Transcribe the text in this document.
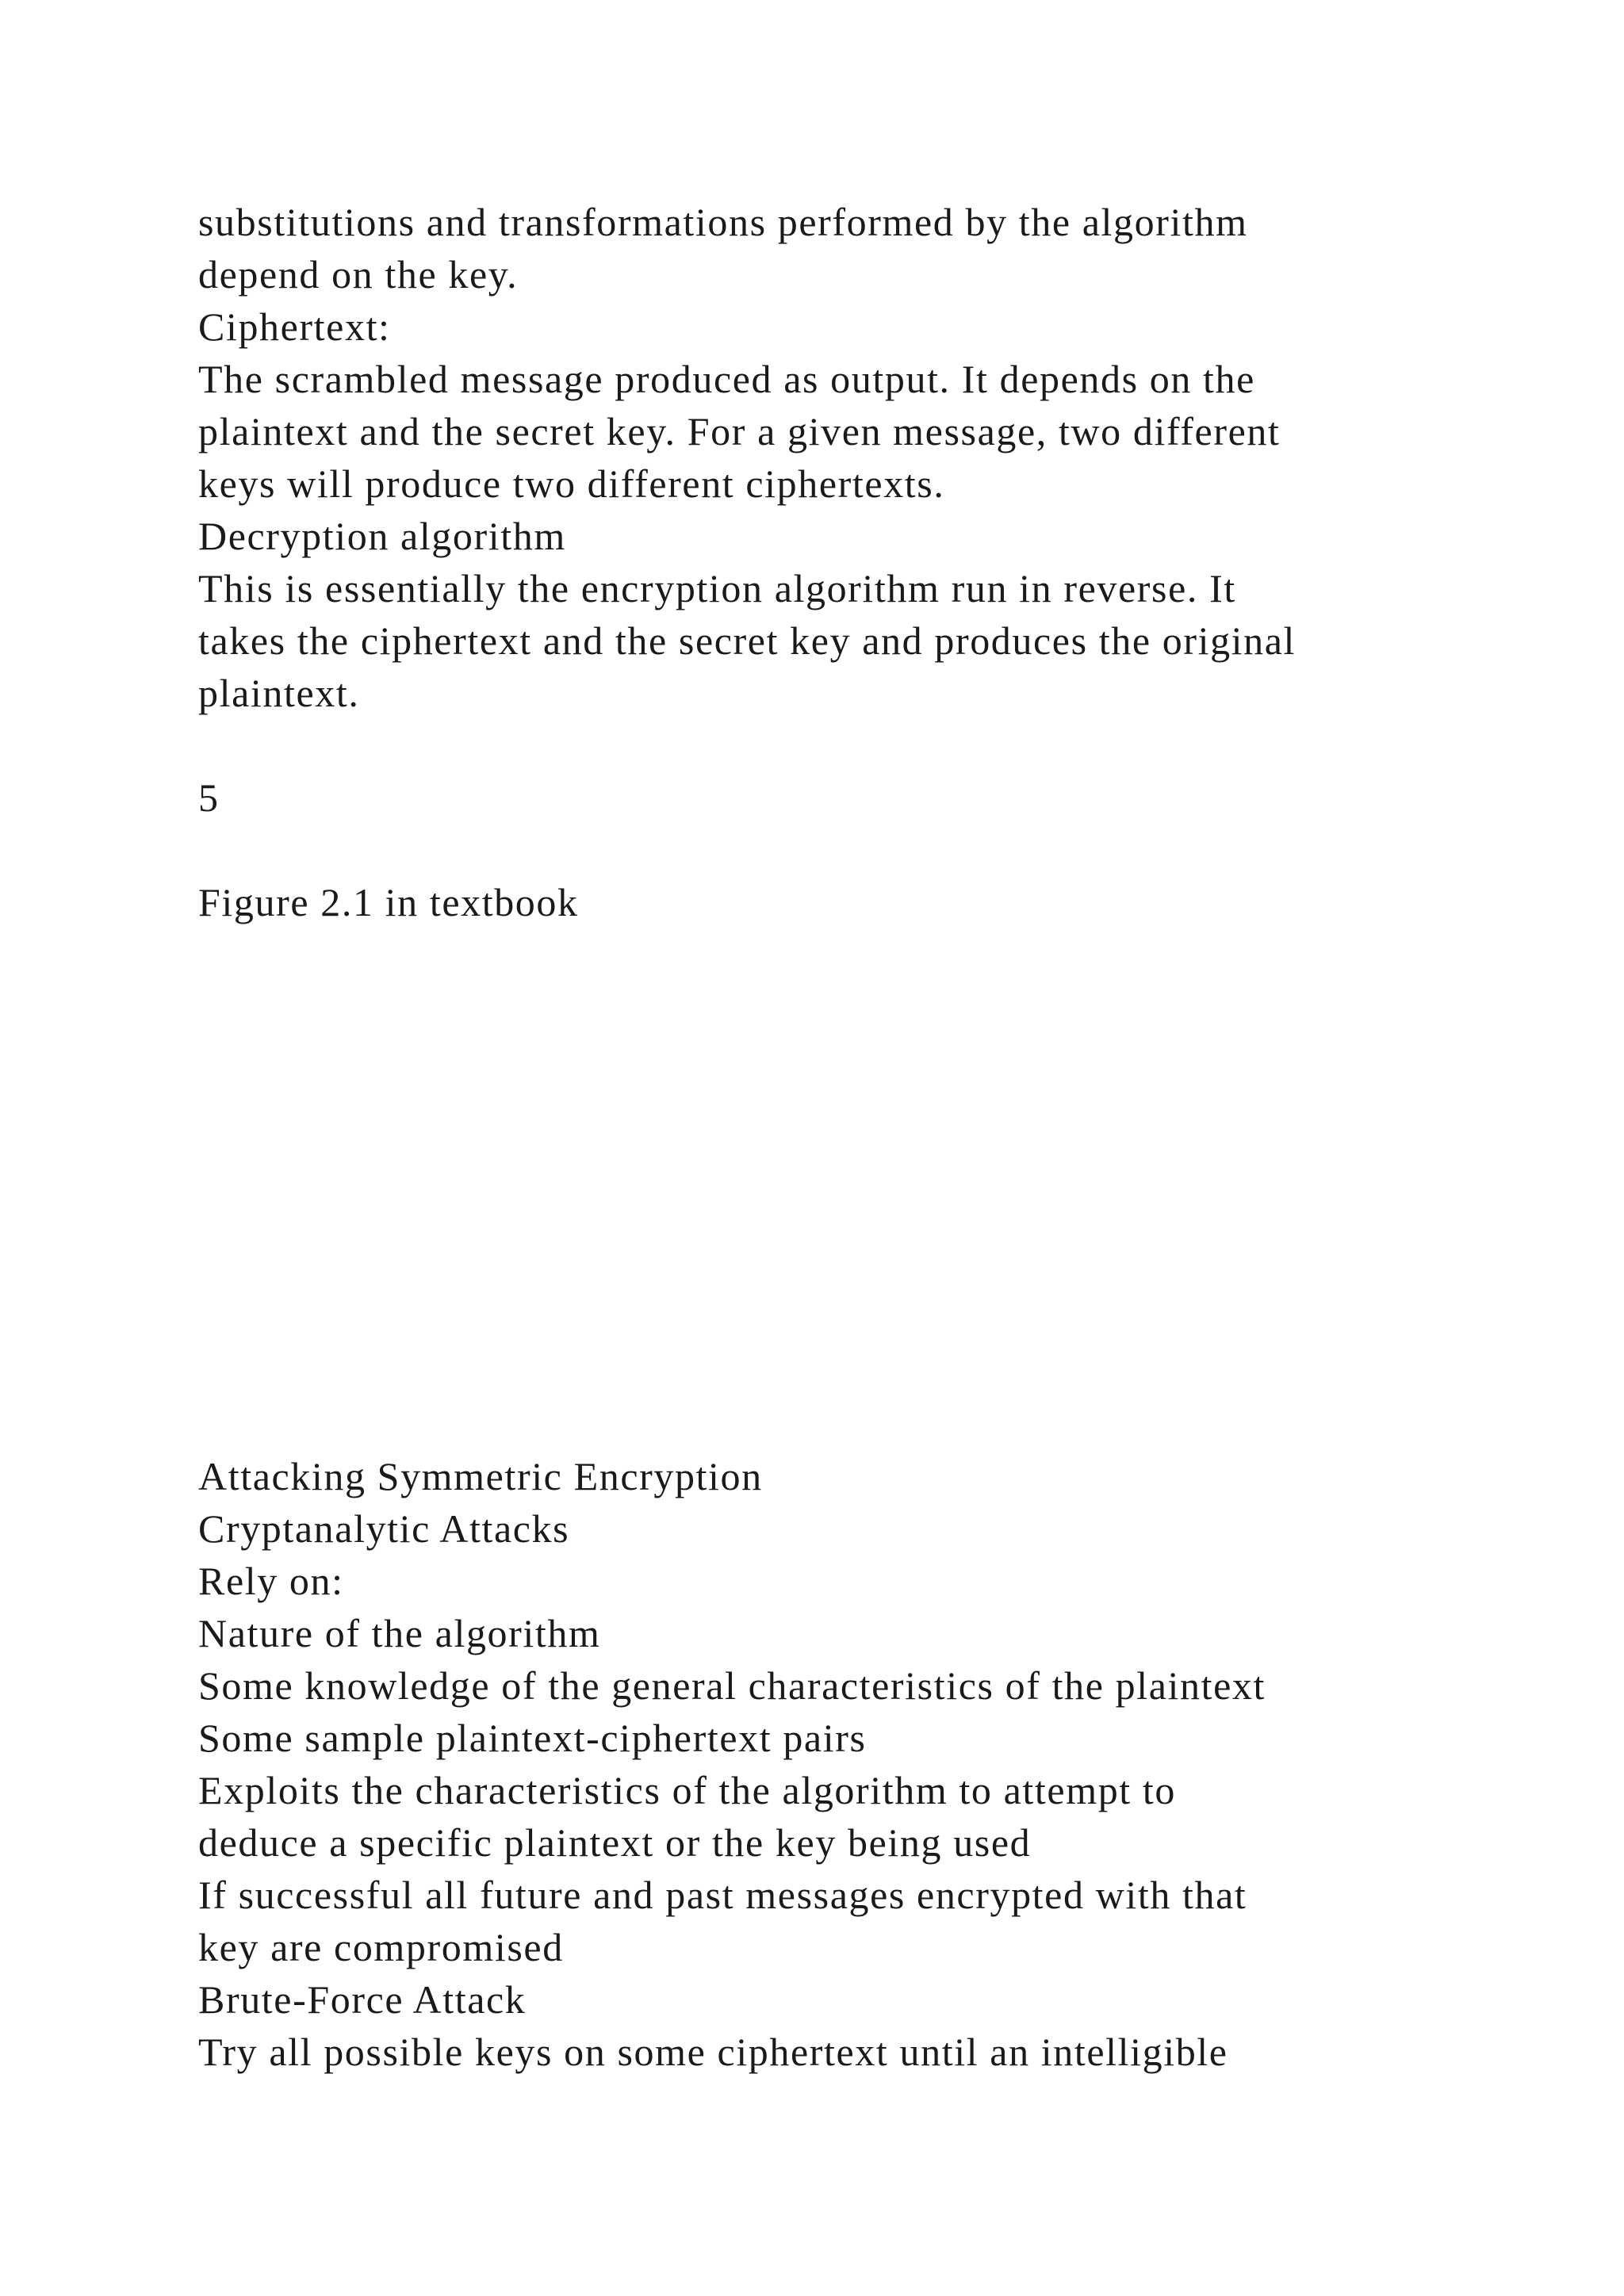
substitutions and transformations performed by the algorithm

depend on the key.

Ciphertext:

The scrambled message produced as output. It depends on the

plaintext and the secret key. For a given message, two different

keys will produce two different ciphertexts.

Decryption algorithm

This is essentially the encryption algorithm run in reverse. It

takes the ciphertext and the secret key and produces the original

plaintext.

5

Figure 2.1 in textbook

Attacking Symmetric Encryption

Cryptanalytic Attacks

Rely on:

Nature of the algorithm

Some knowledge of the general characteristics of the plaintext

Some sample plaintext-ciphertext pairs

Exploits the characteristics of the algorithm to attempt to

deduce a specific plaintext or the key being used

If successful all future and past messages encrypted with that

key are compromised

Brute-Force Attack

Try all possible keys on some ciphertext until an intelligible
